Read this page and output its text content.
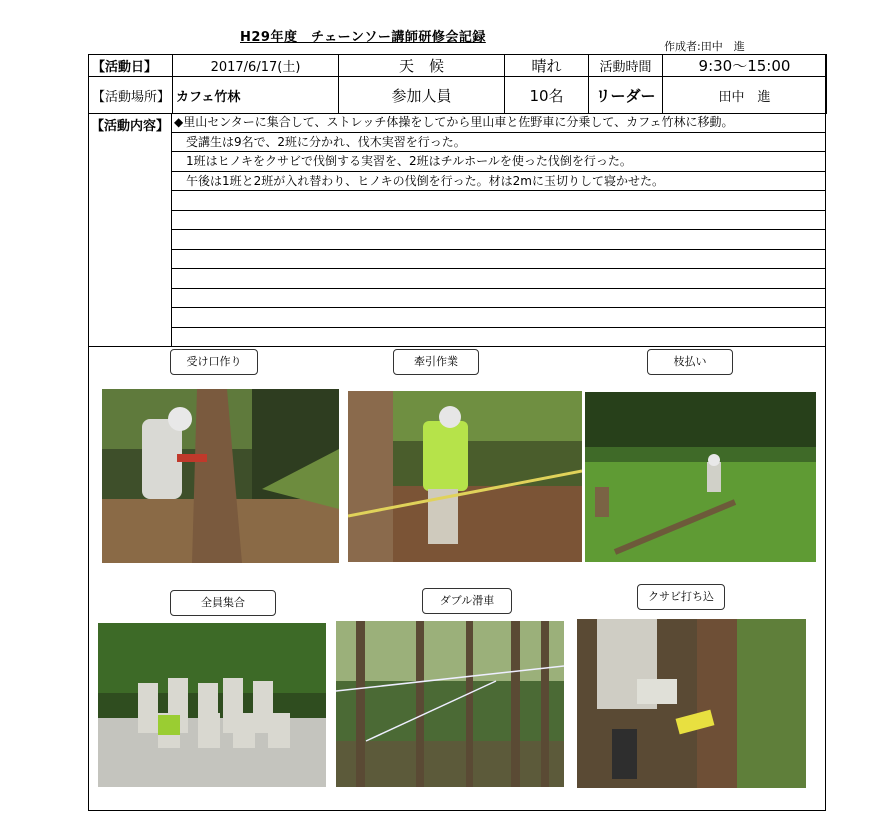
H29年度　チェーンソー講師研修会記録
作成者:田中　進
【活動日】	2017/6/17(土)	天　候	晴れ	活動時間	9:30〜15:00
【活動場所】	カフェ竹林	参加人員	10名	リーダー	田中　進
【活動内容】 ◆里山センターに集合して、ストレッチ体操をしてから里山車と佐野車に分乗して、カフェ竹林に移動。
　受講生は9名で、2班に分かれ、伐木実習を行った。
　1班はヒノキをクサビで伐倒する実習を、2班はチルホールを使った伐倒を行った。
　午後は1班と2班が入れ替わり、ヒノキの伐倒を行った。材は2mに玉切りして寝かせた。
受け口作り	牽引作業	枝払い
全員集合	ダブル滑車	クサビ打ち込
